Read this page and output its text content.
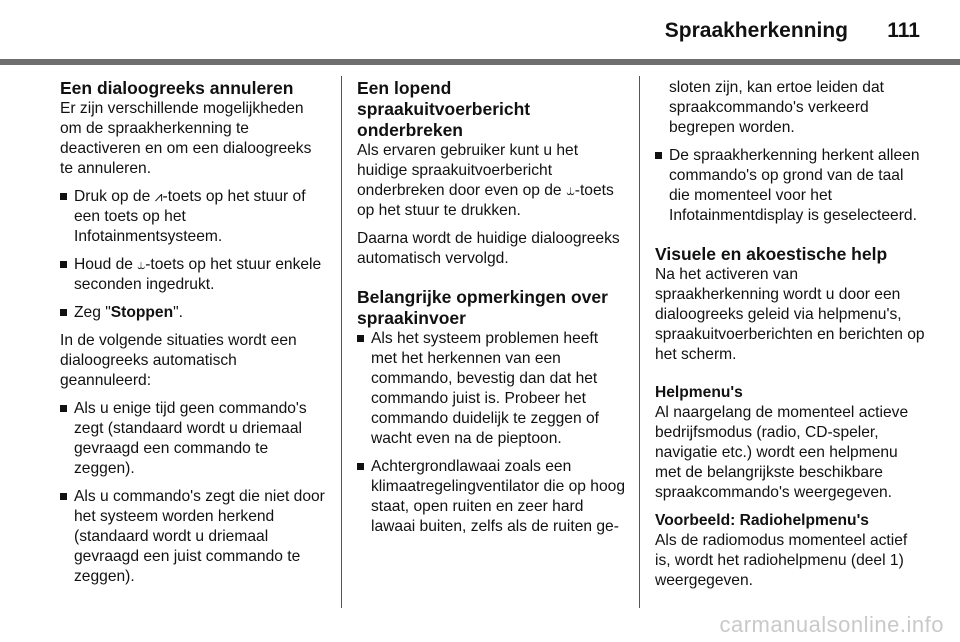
Spraakherkenning 111
Een dialoogreeks annuleren

Er zijn verschillende mogelijkheden om de spraakherkenning te deactiveren en om een dialoogreeks te annuleren.

Druk op de ⩘-toets op het stuur of een toets op het Infotainmentsysteem.
Houd de ⥿-toets op het stuur enkele seconden ingedrukt.
Zeg "Stoppen".

In de volgende situaties wordt een dialoogreeks automatisch geannuleerd:

Als u enige tijd geen commando's zegt (standaard wordt u driemaal gevraagd een commando te zeggen).
Als u commando's zegt die niet door het systeem worden herkend (standaard wordt u driemaal gevraagd een juist commando te zeggen).
Een lopend spraakuitvoerbericht onderbreken

Als ervaren gebruiker kunt u het huidige spraakuitvoerbericht onderbreken door even op de ⥿-toets op het stuur te drukken.

Daarna wordt de huidige dialoogreeks automatisch vervolgd.

Belangrijke opmerkingen over spraakinvoer
Als het systeem problemen heeft met het herkennen van een commando, bevestig dan dat het commando juist is. Probeer het commando duidelijk te zeggen of wacht even na de pieptoon.
Achtergrondlawaai zoals een klimaatregelingventilator die op hoog staat, open ruiten en zeer hard lawaai buiten, zelfs als de ruiten ge-

sloten zijn, kan ertoe leiden dat spraakcommando's verkeerd begrepen worden.

De spraakherkenning herkent alleen commando's op grond van de taal die momenteel voor het Infotainmentdisplay is geselecteerd.
Visuele en akoestische help

Na het activeren van spraakherkenning wordt u door een dialoogreeks geleid via helpmenu's, spraakuitvoerberichten en berichten op het scherm.

Helpmenu's

Al naargelang de momenteel actieve bedrijfsmodus (radio, CD-speler, navigatie etc.) wordt een helpmenu met de belangrijkste beschikbare spraakcommando's weergegeven.

Voorbeeld: Radiohelpmenu's

Als de radiomodus momenteel actief is, wordt het radiohelpmenu (deel 1) weergegeven.

carmanualsonline.info
